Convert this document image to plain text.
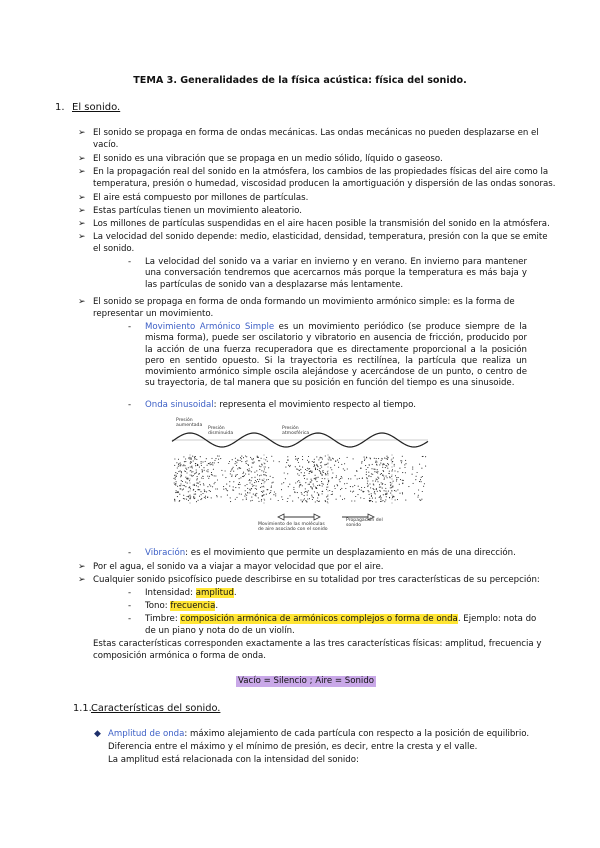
TEMA 3. Generalidades de la física acústica: física del sonido.
1. El sonido.
➢ El sonido se propaga en forma de ondas mecánicas. Las ondas mecánicas no pueden desplazarse en el
vacío.
➢ El sonido es una vibración que se propaga en un medio sólido, líquido o gaseoso.
➢ En la propagación real del sonido en la atmósfera, los cambios de las propiedades físicas del aire como la
temperatura, presión o humedad, viscosidad producen la amortiguación y dispersión de las ondas sonoras.
➢ El aire está compuesto por millones de partículas.
➢ Estas partículas tienen un movimiento aleatorio.
➢ Los millones de partículas suspendidas en el aire hacen posible la transmisión del sonido en la atmósfera.
➢ La velocidad del sonido depende: medio, elasticidad, densidad, temperatura, presión con la que se emite
el sonido.
- La velocidad del sonido va a variar en invierno y en verano. En invierno para mantener una conversación tendremos que acercarnos más porque la temperatura es más baja y las partículas de sonido van a desplazarse más lentamente.
➢ El sonido se propaga en forma de onda formando un movimiento armónico simple: es la forma de
representar un movimiento.
- Movimiento Armónico Simple es un movimiento periódico (se produce siempre de la misma forma), puede ser oscilatorio y vibratorio en ausencia de fricción, producido por la acción de una fuerza recuperadora que es directamente proporcional a la posición pero en sentido opuesto. Si la trayectoria es rectilínea, la partícula que realiza un movimiento armónico simple oscila alejándose y acercándose de un punto, o centro de su trayectoria, de tal manera que su posición en función del tiempo es una sinusoide.
- Onda sinusoidal: representa el movimiento respecto al tiempo.
Presión
aumentada
Presión
disminuida
Presión
atmosférica
Movimiento de las moléculas
de aire asociado con el sonido
Propagación del
sonido
- Vibración: es el movimiento que permite un desplazamiento en más de una dirección.
➢ Por el agua, el sonido va a viajar a mayor velocidad que por el aire.
➢ Cualquier sonido psicofísico puede describirse en su totalidad por tres características de su percepción:
- Intensidad: amplitud.
- Tono: frecuencia.
- Timbre: composición armónica de armónicos complejos o forma de onda. Ejemplo: nota do
de un piano y nota do de un violín.
Estas características corresponden exactamente a las tres características físicas: amplitud, frecuencia y
composición armónica o forma de onda.
Vacío = Silencio ; Aire = Sonido
1.1. Características del sonido.
◆ Amplitud de onda: máximo alejamiento de cada partícula con respecto a la posición de equilibrio.
Diferencia entre el máximo y el mínimo de presión, es decir, entre la cresta y el valle.
La amplitud está relacionada con la intensidad del sonido:
